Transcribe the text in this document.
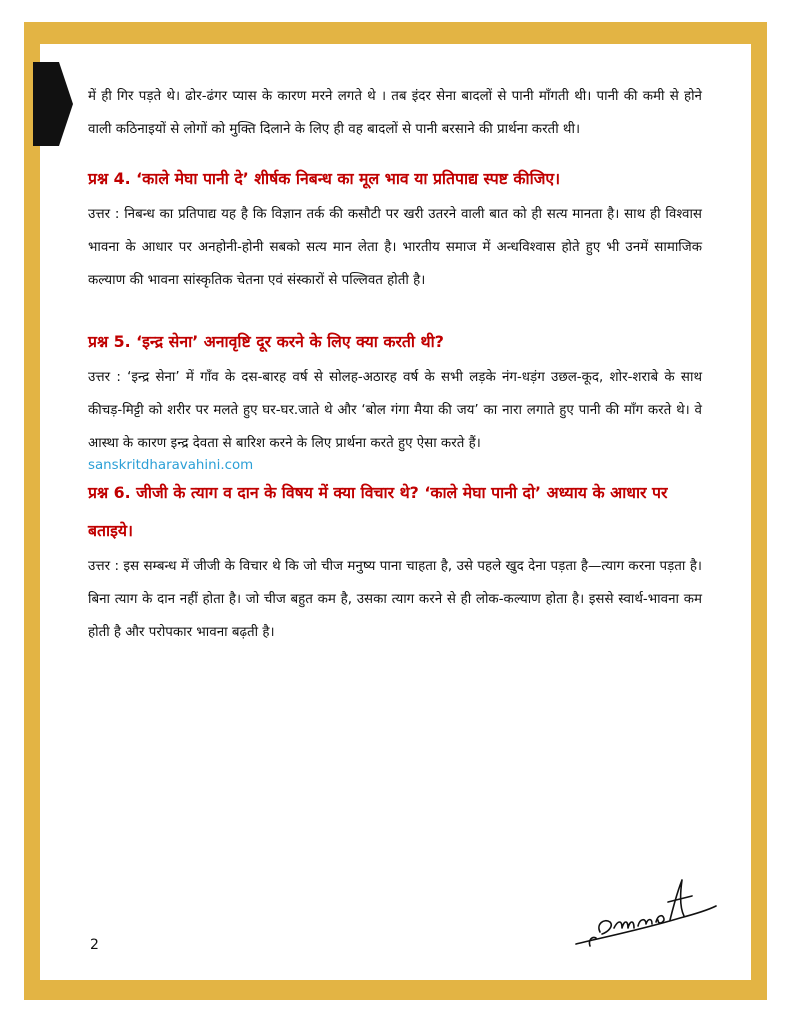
में ही गिर पड़ते थे। ढोर-ढंगर प्यास के कारण मरने लगते थे । तब इंदर सेना बादलों से पानी माँगती थी। पानी की कमी से होने वाली कठिनाइयों से लोगों को मुक्ति दिलाने के लिए ही वह बादलों से पानी बरसाने की प्रार्थना करती थी।

प्रश्न 4. ‘काले मेघा पानी दे’ शीर्षक निबन्ध का मूल भाव या प्रतिपाद्य स्पष्ट कीजिए।

उत्तर : निबन्ध का प्रतिपाद्य यह है कि विज्ञान तर्क की कसौटी पर खरी उतरने वाली बात को ही सत्य मानता है। साथ ही विश्वास भावना के आधार पर अनहोनी-होनी सबको सत्य मान लेता है। भारतीय समाज में अन्धविश्वास होते हुए भी उनमें सामाजिक कल्याण की भावना सांस्कृतिक चेतना एवं संस्कारों से पल्लिवत होती है।

प्रश्न 5. ‘इन्द्र सेना’ अनावृष्टि दूर करने के लिए क्या करती थी?

उत्तर : ‘इन्द्र सेना’ में गाँव के दस-बारह वर्ष से सोलह-अठारह वर्ष के सभी लड़के नंग-धड़ंग उछल-कूद, शोर-शराबे के साथ कीचड़-मिट्टी को शरीर पर मलते हुए घर-घर.जाते थे और ‘बोल गंगा मैया की जय’ का नारा लगाते हुए पानी की माँग करते थे। वे आस्था के कारण इन्द्र देवता से बारिश करने के लिए प्रार्थना करते हुए ऐसा करते हैं।

sanskritdharavahini.com

प्रश्न 6. जीजी के त्याग व दान के विषय में क्या विचार थे? ‘काले मेघा पानी दो’ अध्याय के आधार पर बताइये।

उत्तर : इस सम्बन्ध में जीजी के विचार थे कि जो चीज मनुष्य पाना चाहता है, उसे पहले खुद देना पड़ता है—त्याग करना पड़ता है। बिना त्याग के दान नहीं होता है। जो चीज बहुत कम है, उसका त्याग करने से ही लोक-कल्याण होता है। इससे स्वार्थ-भावना कम होती है और परोपकार भावना बढ़ती है।

2
